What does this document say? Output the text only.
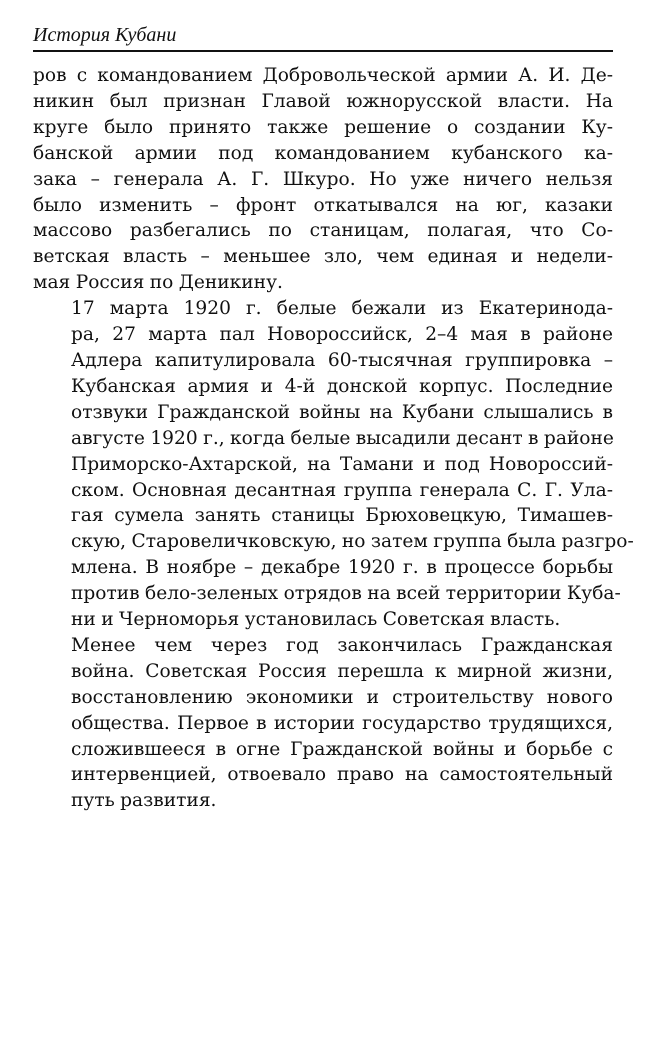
История Кубани

ров с командованием Добровольческой армии А. И. Де-
никин был признан Главой южнорусской власти. На
круге было принято также решение о создании Ку-
банской армии под командованием кубанского ка-
зака – генерала А. Г. Шкуро. Но уже ничего нельзя
было изменить – фронт откатывался на юг, казаки
массово разбегались по станицам, полагая, что Со-
ветская власть – меньшее зло, чем единая и недели-
мая Россия по Деникину.

17 марта 1920 г. белые бежали из Екатеринода-
ра, 27 марта пал Новороссийск, 2–4 мая в районе
Адлера капитулировала 60-тысячная группировка –
Кубанская армия и 4-й донской корпус. Последние
отзвуки Гражданской войны на Кубани слышались в
августе 1920 г., когда белые высадили десант в районе
Приморско-Ахтарской, на Тамани и под Новороссий-
ском. Основная десантная группа генерала С. Г. Ула-
гая сумела занять станицы Брюховецкую, Тимашев-
скую, Старовеличковскую, но затем группа была разгро-
млена. В ноябре – декабре 1920 г. в процессе борьбы
против бело-зеленых отрядов на всей территории Куба-
ни и Черноморья установилась Советская власть.

Менее чем через год закончилась Гражданская
война. Советская Россия перешла к мирной жизни,
восстановлению экономики и строительству нового
общества. Первое в истории государство трудящихся,
сложившееся в огне Гражданской войны и борьбе с
интервенцией, отвоевало право на самостоятельный
путь развития.
